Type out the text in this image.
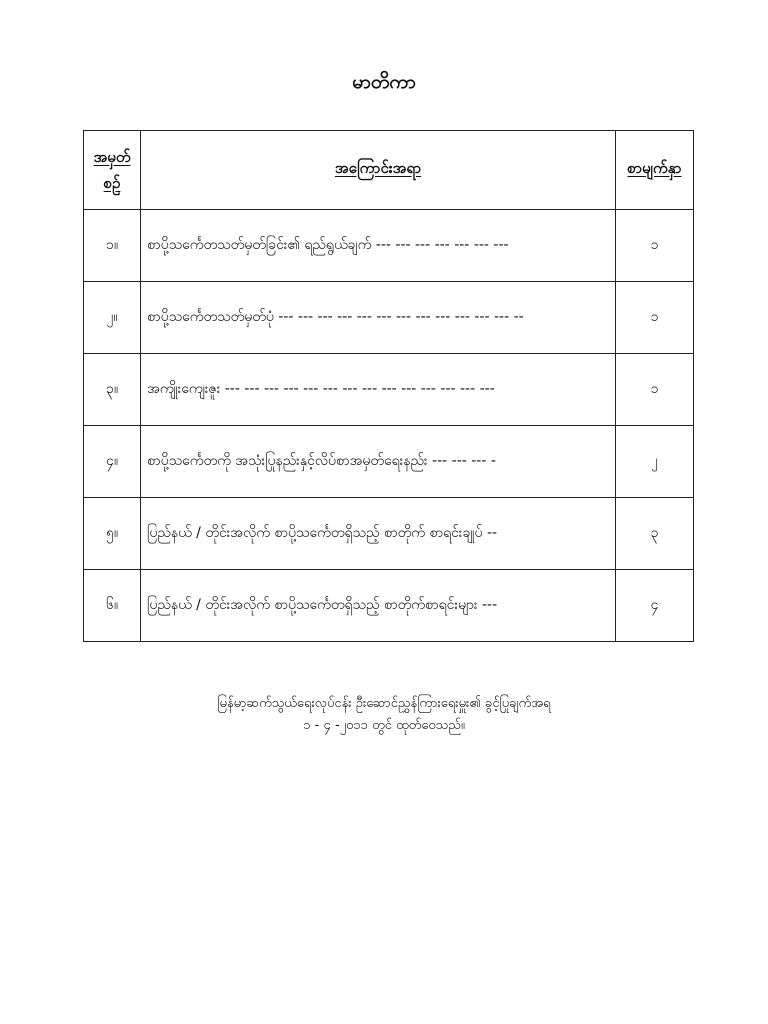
မာတိကာ
အမှတ်
စဉ်	အကြောင်းအရာ	စာမျက်နှာ
၁။	စာပို့သင်္ကေတသတ်မှတ်ခြင်း၏ ရည်ရွယ်ချက် --- --- --- --- --- --- ---	၁
၂။	စာပို့သင်္ကေတသတ်မှတ်ပုံ --- --- --- --- --- --- --- --- --- --- --- --- --	၁
၃။	အကျိုးကျေးဇူး --- --- --- --- --- --- --- --- --- --- --- --- --- ---	၁
၄။	စာပို့သင်္ကေတကို အသုံးပြုနည်းနှင့်လိပ်စာအမှတ်ရေးနည်း --- --- --- -	၂
၅။	ပြည်နယ် / တိုင်းအလိုက် စာပို့သင်္ကေတရှိသည့် စာတိုက် စာရင်းချုပ် --	၃
၆။	ပြည်နယ် / တိုင်းအလိုက် စာပို့သင်္ကေတရှိသည့် စာတိုက်စာရင်းများ ---	၄
မြန်မာ့ဆက်သွယ်ရေးလုပ်ငန်း ဦးဆောင်ညွှန်ကြားရေးမှူး၏ ခွင့်ပြုချက်အရ
၁ - ၄ -၂၀၁၁ တွင် ထုတ်ဝေသည်။
